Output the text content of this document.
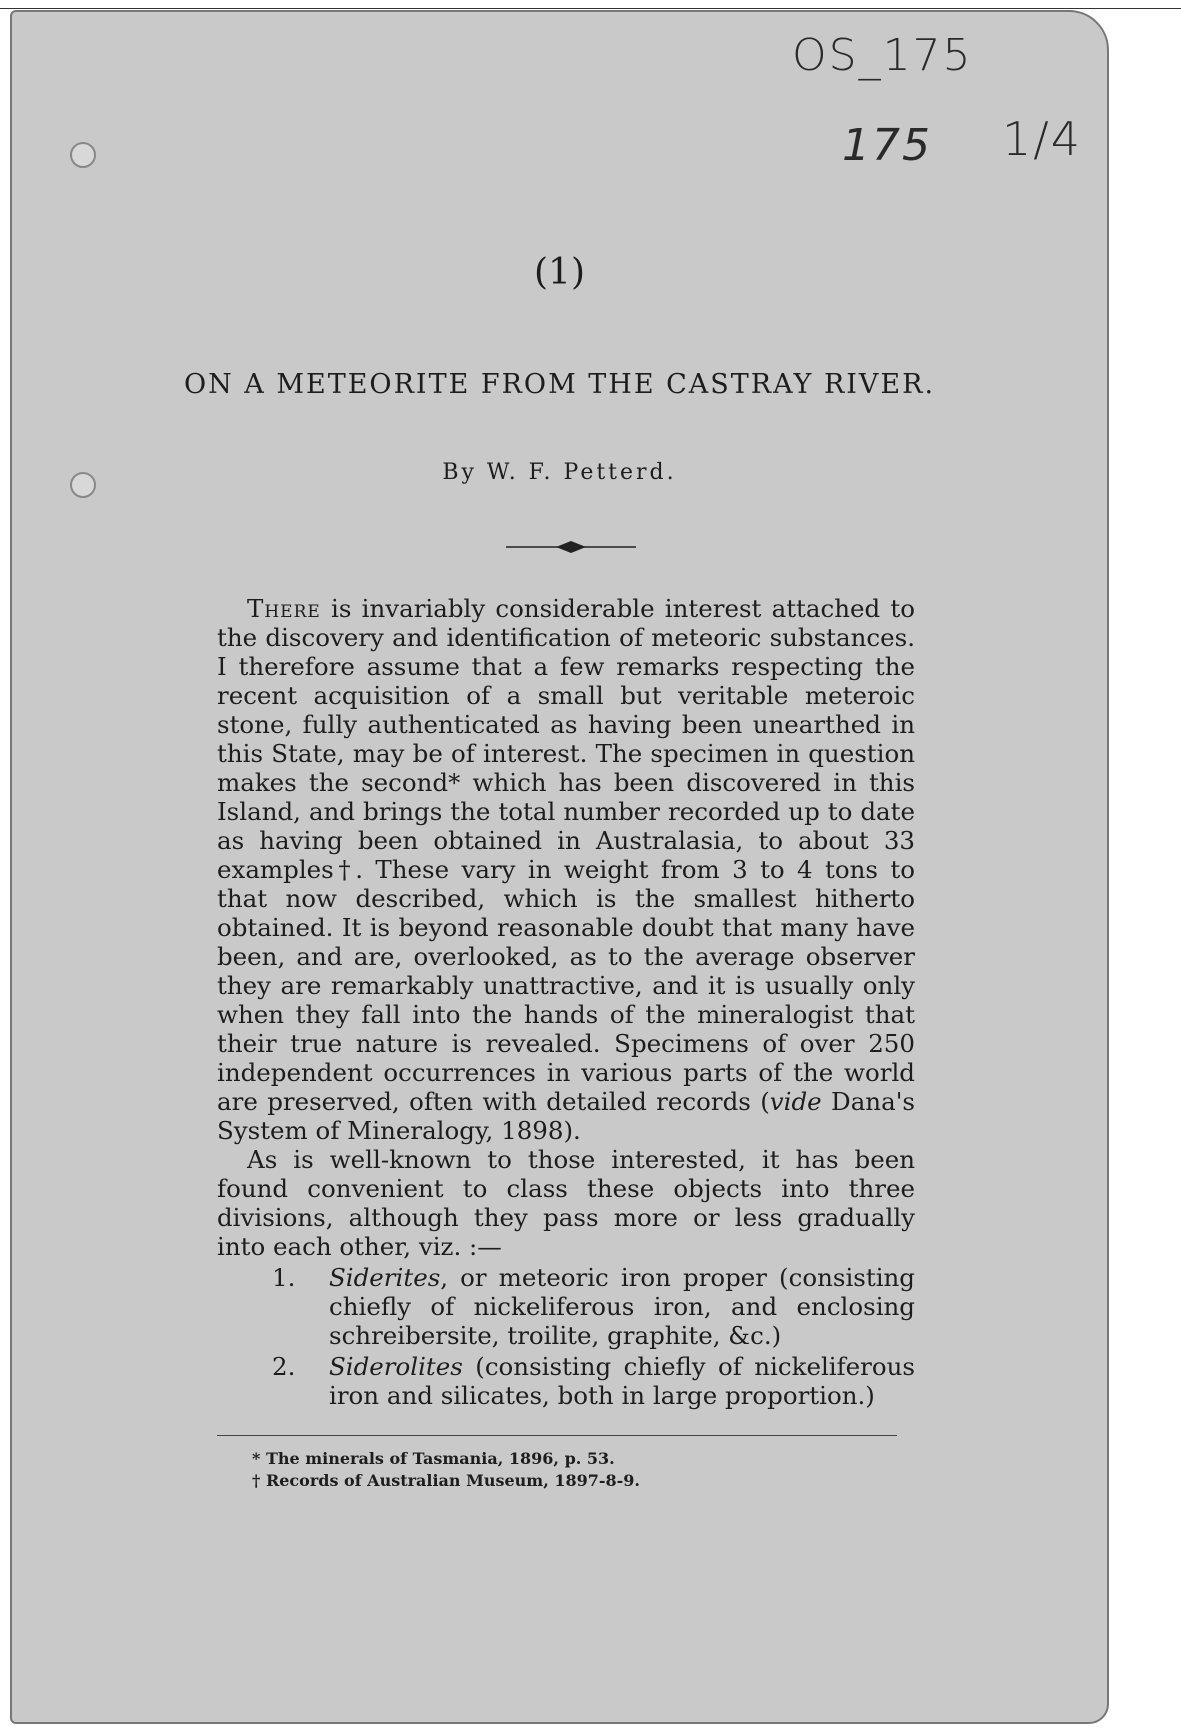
OS_175
175 1/4
(1)
ON A METEORITE FROM THE CASTRAY RIVER.
By W. F. Petterd.

There is invariably considerable interest attached to the discovery and identification of meteoric substances. I therefore assume that a few remarks respecting the recent acquisition of a small but veritable meteroic stone, fully authenticated as having been unearthed in this State, may be of interest. The specimen in question makes the second* which has been discovered in this Island, and brings the total number recorded up to date as having been obtained in Australasia, to about 33 examples†. These vary in weight from 3 to 4 tons to that now described, which is the smallest hitherto obtained. It is beyond reasonable doubt that many have been, and are, overlooked, as to the average observer they are remarkably unattractive, and it is usually only when they fall into the hands of the mineralogist that their true nature is revealed. Specimens of over 250 independent occurrences in various parts of the world are preserved, often with detailed records (vide Dana's System of Mineralogy, 1898).

As is well-known to those interested, it has been found convenient to class these objects into three divisions, although they pass more or less gradually into each other, viz. :—

1. Siderites, or meteoric iron proper (consisting chiefly of nickeliferous iron, and enclosing schreibersite, troilite, graphite, &c.)
2. Siderolites (consisting chiefly of nickeliferous iron and silicates, both in large proportion.)
* The minerals of Tasmania, 1896, p. 53.
† Records of Australian Museum, 1897-8-9.
